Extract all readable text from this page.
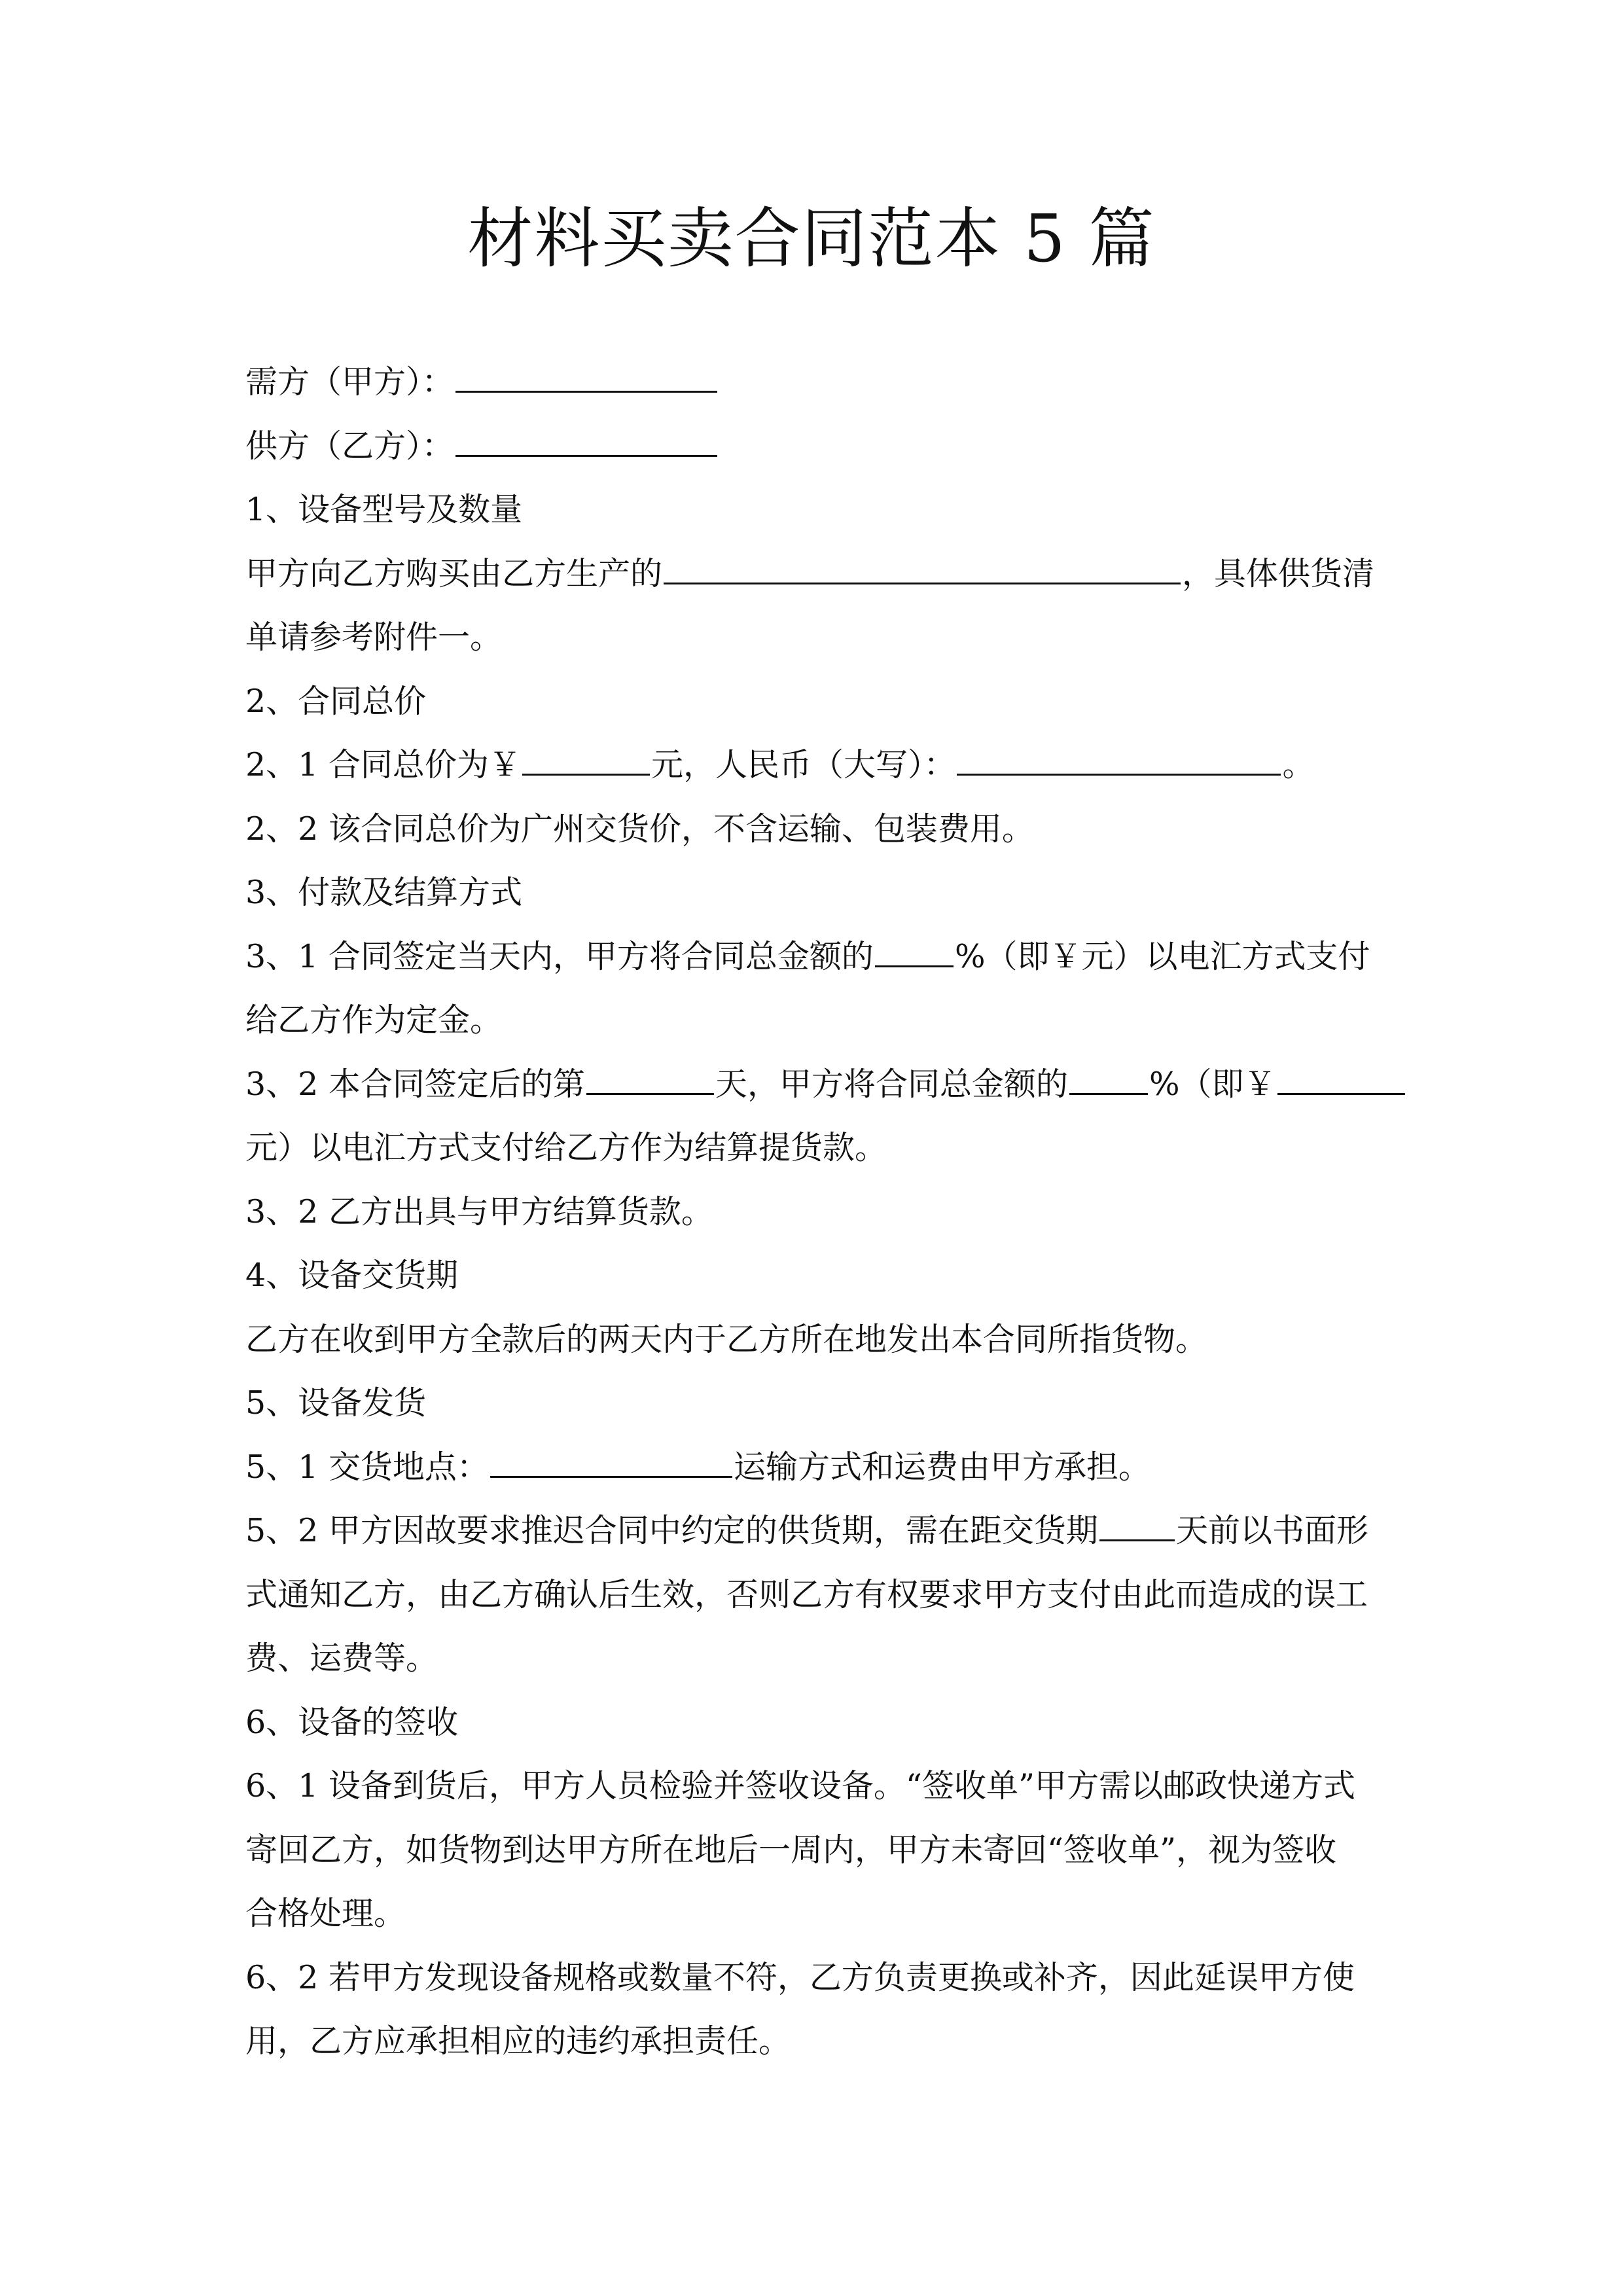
材料买卖合同范本 5 篇
需方（甲方）：
供方（乙方）：
1、设备型号及数量
甲方向乙方购买由乙方生产的	，具体供货清
单请参考附件一。
2、合同总价
2、1 合同总价为￥	元，人民币（大写）：	。
2、2 该合同总价为广州交货价，不含运输、包装费用。
3、付款及结算方式
3、1 合同签定当天内，甲方将合同总金额的	%（即￥元）以电汇方式支付
给乙方作为定金。
3、2 本合同签定后的第	天，甲方将合同总金额的	%（即￥
元）以电汇方式支付给乙方作为结算提货款。
3、2 乙方出具与甲方结算货款。
4、设备交货期
乙方在收到甲方全款后的两天内于乙方所在地发出本合同所指货物。
5、设备发货
5、1 交货地点：	运输方式和运费由甲方承担。
5、2 甲方因故要求推迟合同中约定的供货期，需在距交货期 天前以书面形
式通知乙方，由乙方确认后生效，否则乙方有权要求甲方支付由此而造成的误工
费、运费等。
6、设备的签收
6、1 设备到货后，甲方人员检验并签收设备。“签收单”甲方需以邮政快递方式
寄回乙方，如货物到达甲方所在地后一周内，甲方未寄回“签收单”，视为签收
合格处理。
6、2 若甲方发现设备规格或数量不符，乙方负责更换或补齐，因此延误甲方使
用，乙方应承担相应的违约承担责任。
